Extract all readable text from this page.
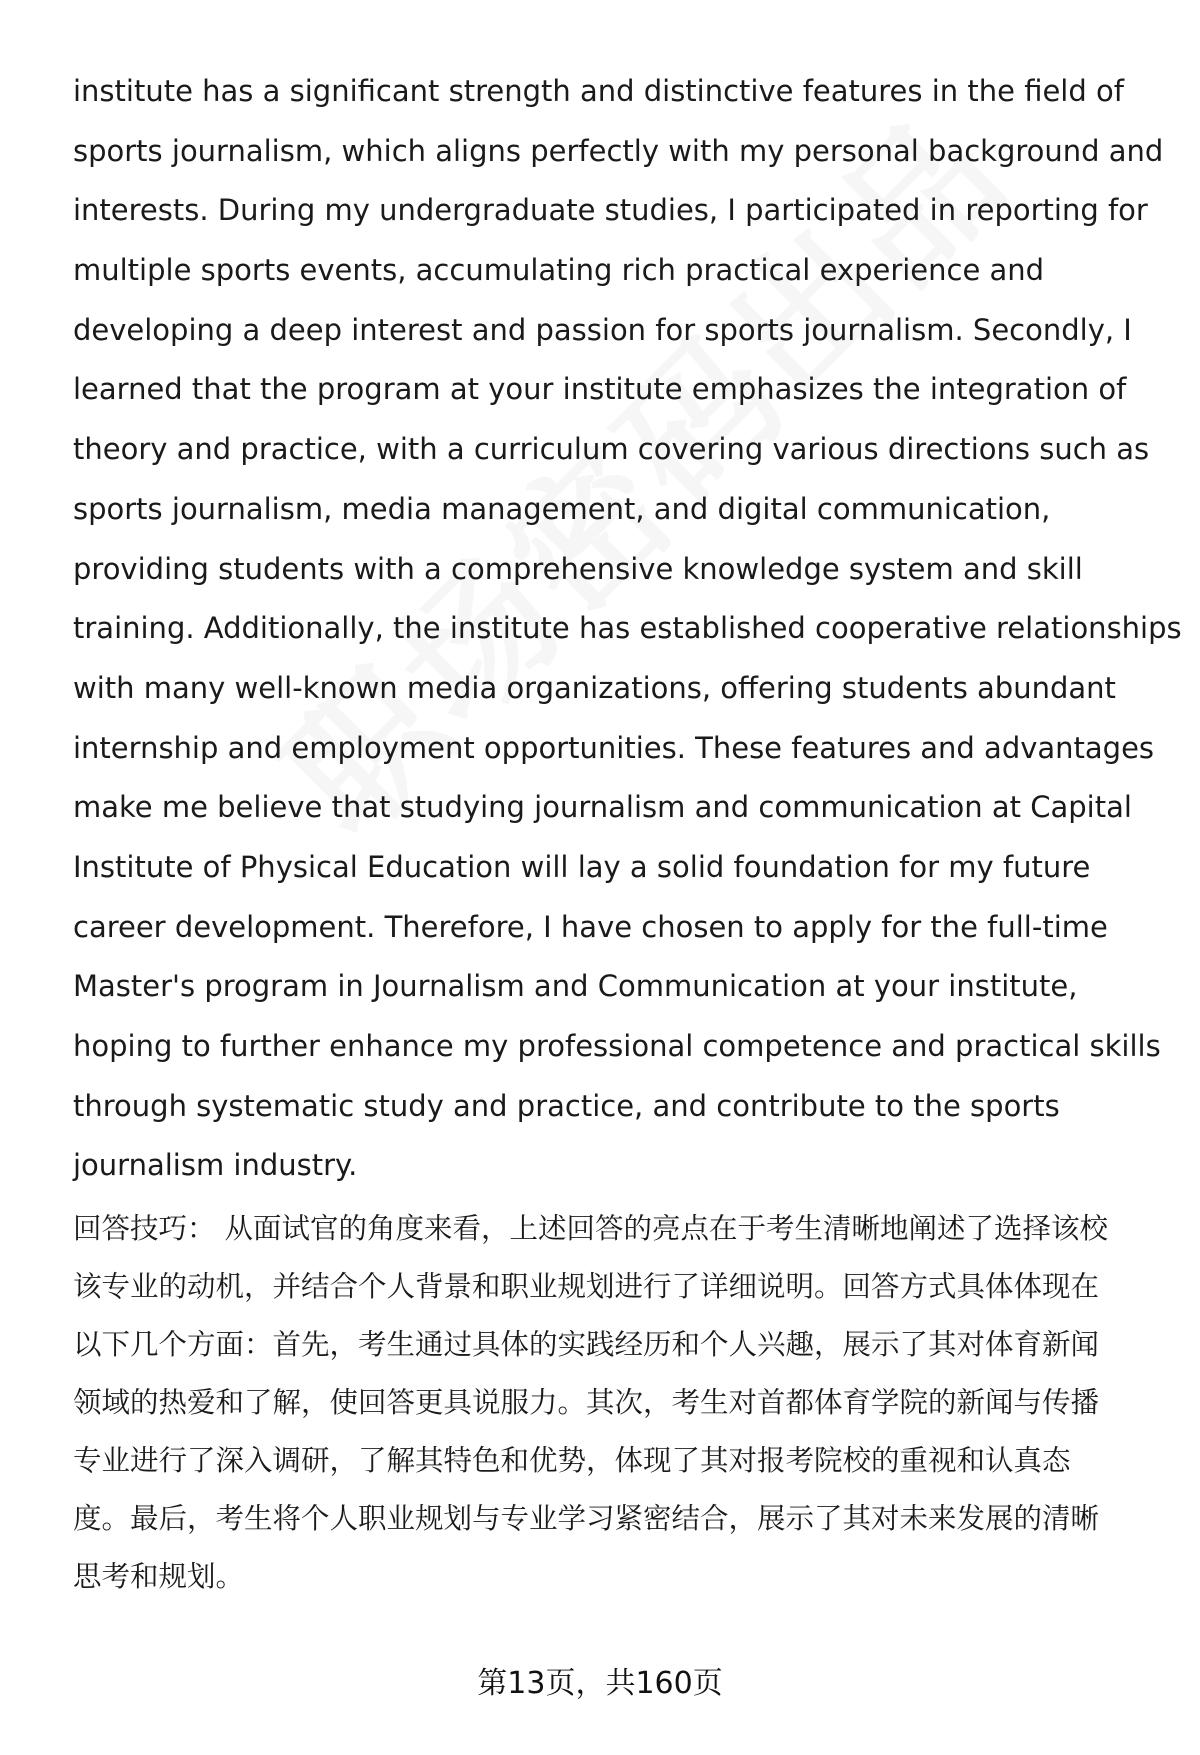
institute has a significant strength and distinctive features in the field of
sports journalism, which aligns perfectly with my personal background and
interests. During my undergraduate studies, I participated in reporting for
multiple sports events, accumulating rich practical experience and
developing a deep interest and passion for sports journalism. Secondly, I
learned that the program at your institute emphasizes the integration of
theory and practice, with a curriculum covering various directions such as
sports journalism, media management, and digital communication,
providing students with a comprehensive knowledge system and skill
training. Additionally, the institute has established cooperative relationships
with many well-known media organizations, offering students abundant
internship and employment opportunities. These features and advantages
make me believe that studying journalism and communication at Capital
Institute of Physical Education will lay a solid foundation for my future
career development. Therefore, I have chosen to apply for the full-time
Master's program in Journalism and Communication at your institute,
hoping to further enhance my professional competence and practical skills
through systematic study and practice, and contribute to the sports
journalism industry.
回答技巧： 从面试官的角度来看，上述回答的亮点在于考生清晰地阐述了选择该校
该专业的动机，并结合个人背景和职业规划进行了详细说明。回答方式具体体现在
以下几个方面：首先，考生通过具体的实践经历和个人兴趣，展示了其对体育新闻
领域的热爱和了解，使回答更具说服力。其次，考生对首都体育学院的新闻与传播
专业进行了深入调研，了解其特色和优势，体现了其对报考院校的重视和认真态
度。最后，考生将个人职业规划与专业学习紧密结合，展示了其对未来发展的清晰
思考和规划。
第13页，共160页
